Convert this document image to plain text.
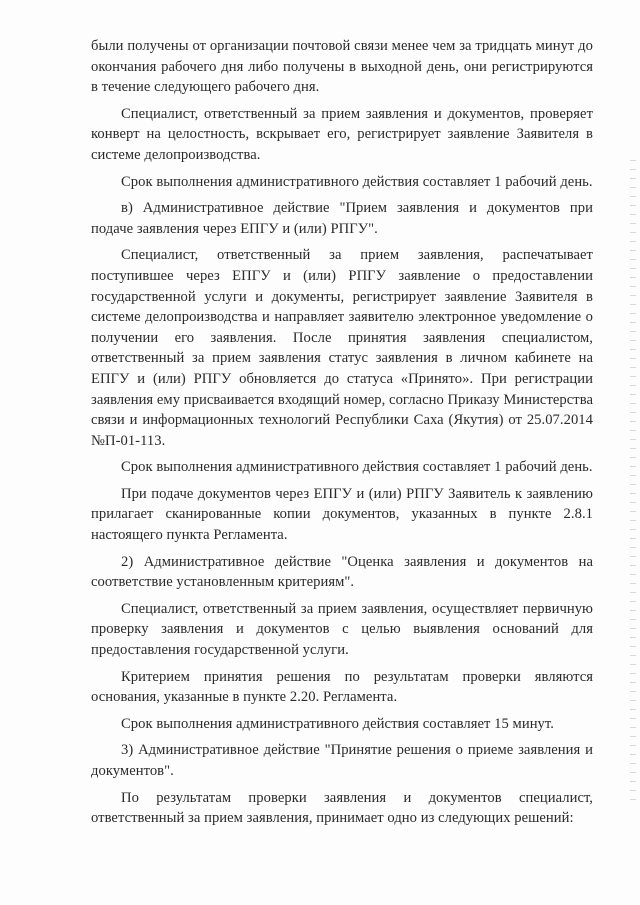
были получены от организации почтовой связи менее чем за тридцать минут до окончания рабочего дня либо получены в выходной день, они регистрируются в течение следующего рабочего дня.

Специалист, ответственный за прием заявления и документов, проверяет конверт на целостность, вскрывает его, регистрирует заявление Заявителя в системе делопроизводства.

Срок выполнения административного действия составляет 1 рабочий день.

в) Административное действие "Прием заявления и документов при подаче заявления через ЕПГУ и (или) РПГУ".

Специалист, ответственный за прием заявления, распечатывает поступившее через ЕПГУ и (или) РПГУ заявление о предоставлении государственной услуги и документы, регистрирует заявление Заявителя в системе делопроизводства и направляет заявителю электронное уведомление о получении его заявления. После принятия заявления специалистом, ответственный за прием заявления статус заявления в личном кабинете на ЕПГУ и (или) РПГУ обновляется до статуса «Принято». При регистрации заявления ему присваивается входящий номер, согласно Приказу Министерства связи и информационных технологий Республики Саха (Якутия) от 25.07.2014 №П-01-113.

Срок выполнения административного действия составляет 1 рабочий день.

При подаче документов через ЕПГУ и (или) РПГУ Заявитель к заявлению прилагает сканированные копии документов, указанных в пункте 2.8.1 настоящего пункта Регламента.

2) Административное действие "Оценка заявления и документов на соответствие установленным критериям".

Специалист, ответственный за прием заявления, осуществляет первичную проверку заявления и документов с целью выявления оснований для предоставления государственной услуги.

Критерием принятия решения по результатам проверки являются основания, указанные в пункте 2.20. Регламента.

Срок выполнения административного действия составляет 15 минут.

3) Административное действие "Принятие решения о приеме заявления и документов".

По результатам проверки заявления и документов специалист, ответственный за прием заявления, принимает одно из следующих решений:
